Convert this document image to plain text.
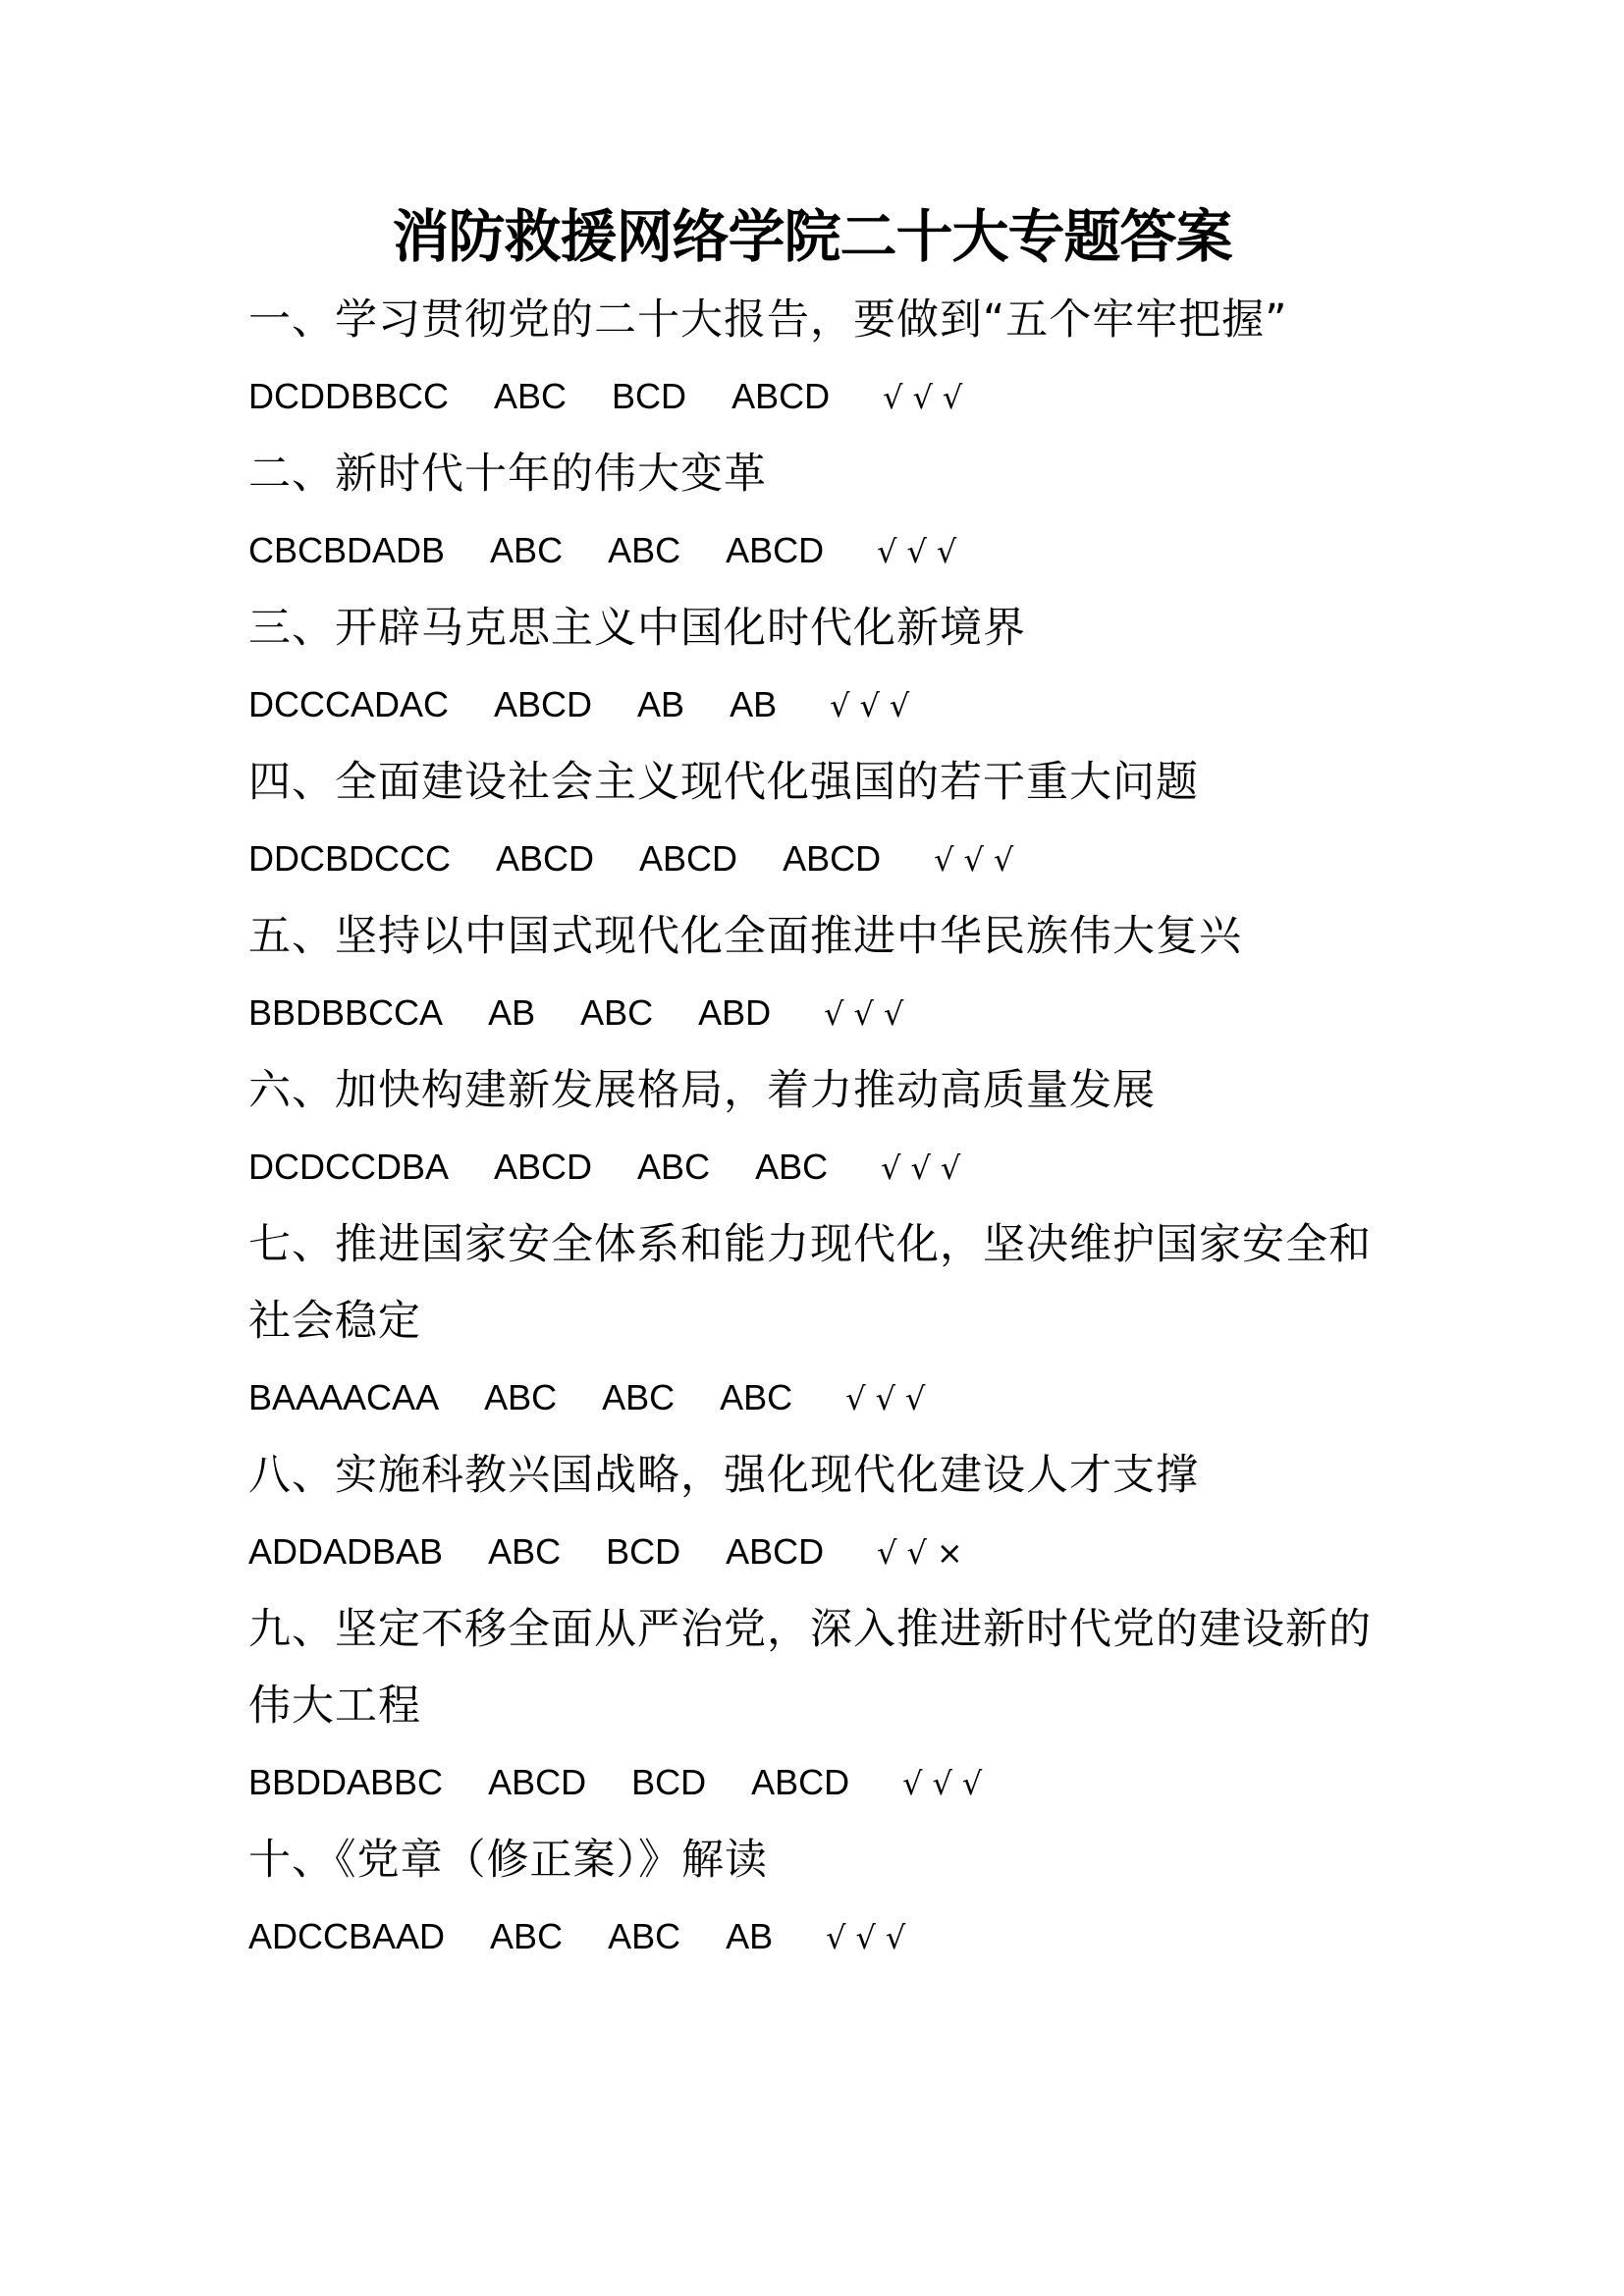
消防救援网络学院二十大专题答案
一、学习贯彻党的二十大报告，要做到“五个牢牢把握”
DCDDBBCC ABC BCD ABCD √√√
二、新时代十年的伟大变革
CBCBDADB ABC ABC ABCD √√√
三、开辟马克思主义中国化时代化新境界
DCCCADAC ABCD AB AB √√√
四、全面建设社会主义现代化强国的若干重大问题
DDCBDCCC ABCD ABCD ABCD √√√
五、坚持以中国式现代化全面推进中华民族伟大复兴
BBDBBCCA AB ABC ABD √√√
六、加快构建新发展格局，着力推动高质量发展
DCDCCDBA ABCD ABC ABC √√√
七、推进国家安全体系和能力现代化，坚决维护国家安全和社会稳定
BAAAACAA ABC ABC ABC √√√
八、实施科教兴国战略，强化现代化建设人才支撑
ADDADBAB ABC BCD ABCD √√×
九、坚定不移全面从严治党，深入推进新时代党的建设新的伟大工程
BBDDABBC ABCD BCD ABCD √√√
十、《党章（修正案）》解读
ADCCBAAD ABC ABC AB √√√
